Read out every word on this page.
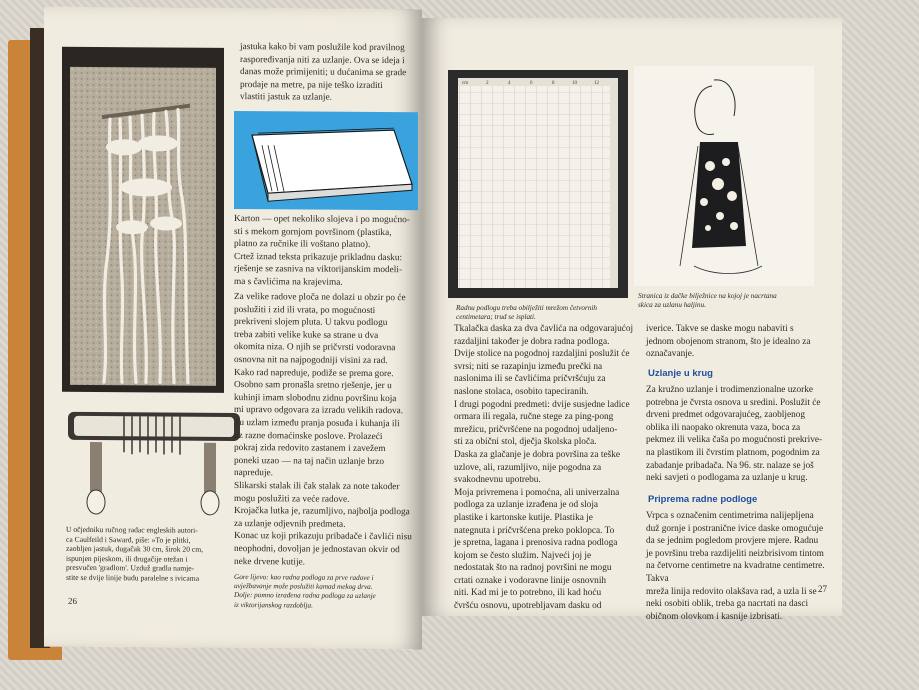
U očjedniku ručnog radac engleskih autori-
ca Caulfeild i Saward, piše: »To je plitki,
zaobljen jastuk, dugačak 30 cm, širok 20 cm,
ispunjen pijeskom, ili drugačije otežan i
presvučen 'gradlom'. Uzduž gradla namje-
stite se dvije linije budu paralelne s ivicama
jastuka kako bi vam poslužile kod pravilnog
raspoređivanja niti za uzlanje. Ova se ideja i
danas može primijeniti; u dućanima se grade
prodaje na metre, pa nije teško izraditi
vlastiti jastuk za uzlanje.
Karton — opet nekoliko slojeva i po mogućno-
sti s mekom gornjom površinom (plastika,
platno za ručnike ili voštano platno).
Crtež iznad teksta prikazuje prikladnu dasku:
rješenje se zasniva na viktorijanskim modeli-
ma s čavlićima na krajevima.
Za velike radove ploča ne dolazi u obzir po će
poslužiti i zid ili vrata, po mogućnosti
prekriveni slojem pluta. U takvu podlogu
treba zabiti velike kuke sa strane u dva
okomita niza. O njih se pričvrsti vodoravna
osnovna nit na najpogodniji visini za rad.
Kako rad napreduje, podiže se prema gore.
Osobno sam pronašla sretno rješenje, jer u
kuhinji imam slobodnu zidnu površinu koja
mi upravo odgovara za izradu velikih radova.
Tu uzlam između pranja posuđa i kuhanja ili
uz razne domaćinske poslove. Prolazeći
pokraj zida redovito zastanem i zavežem
poneki uzao — na taj način uzlanje brzo
napreduje.
Slikarski stalak ili čak stalak za note također
mogu poslužiti za veće radove.
Krojačka lutka je, razumljivo, najbolja podloga
za uzlanje odjevnih predmeta.
Konac uz koji prikazuju pribadače i čavlići nisu
neophodni, dovoljan je jednostavan okvir od
neke drvene kutije.
Gore lijevo: kao radna podloga za prve radove i
uvježbavanje može poslužiti kamad mekog drva.
Dolje: pomno izrađena radna podloga za uzlanje
iz viktorijanskog razdoblja.
26
cm	2	4	6	8	10	12
Radnu podlogu treba obilježiti mrežom četvornih
centimetara; trud se isplati.
Stranica iz dačke bilježnice na kojoj je nacrtana
skica za uzlanu haljinu.
Tkalačka daska za dva čavlića na odgovarajućoj
razdaljini također je dobra radna podloga.
Dvije stolice na pogodnoj razdaljini poslužit će
svrsi; niti se razapinju između prečki na
naslonima ili se čavlićima pričvršćuju za
naslone stolaca, osobito tapeciranih.
I drugi pogodni predmeti: dvije susjedne ladice
ormara ili regala, ručne stege za ping-pong
mrežicu, pričvršćene na pogodnoj udaljeno-
sti za obični stol, dječja školska ploča.
Daska za glačanje je dobra površina za teške
uzlove, ali, razumljivo, nije pogodna za
svakodnevnu upotrebu.
Moja privremena i pomoćna, ali univerzalna
podloga za uzlanje izrađena je od sloja
plastike i kartonske kutije. Plastika je
nategnuta i pričvršćena preko poklopca. To
je spretna, lagana i prenosiva radna podloga
kojom se često služim. Najveći joj je
nedostatak što na radnoj površini ne mogu
crtati oznake i vodoravne linije osnovnih
niti. Kad mi je to potrebno, ili kad hoću
čvršću osnovu, upotrebljavam dasku od
iverice. Takve se daske mogu nabaviti s
jednom obojenom stranom, što je idealno za
označavanje.
Uzlanje u krug
Za kružno uzlanje i trodimenzionalne uzorke
potrebna je čvrsta osnova u sredini. Poslužit će
drveni predmet odgovarajućeg, zaobljenog
oblika ili naopako okrenuta vaza, boca za
pekmez ili velika čaša po mogućnosti prekrive-
na plastikom ili čvrstim platnom, pogodnim za
zabadanje pribadača. Na 96. str. nalaze se još
neki savjeti o podlogama za uzlanje u krug.
Priprema radne podloge
Vrpca s označenim centimetrima nalijepljena
duž gornje i postranične ivice daske omogućuje
da se jednim pogledom provjere mjere. Radnu
je površinu treba razdijeliti neizbrisivom tintom
na četvorne centimetre na kvadratne centimetre. Takva
mreža linija redovito olakšava rad, a uzla li se
neki osobiti oblik, treba ga nacrtati na dasci
običnom olovkom i kasnije izbrisati.
27
